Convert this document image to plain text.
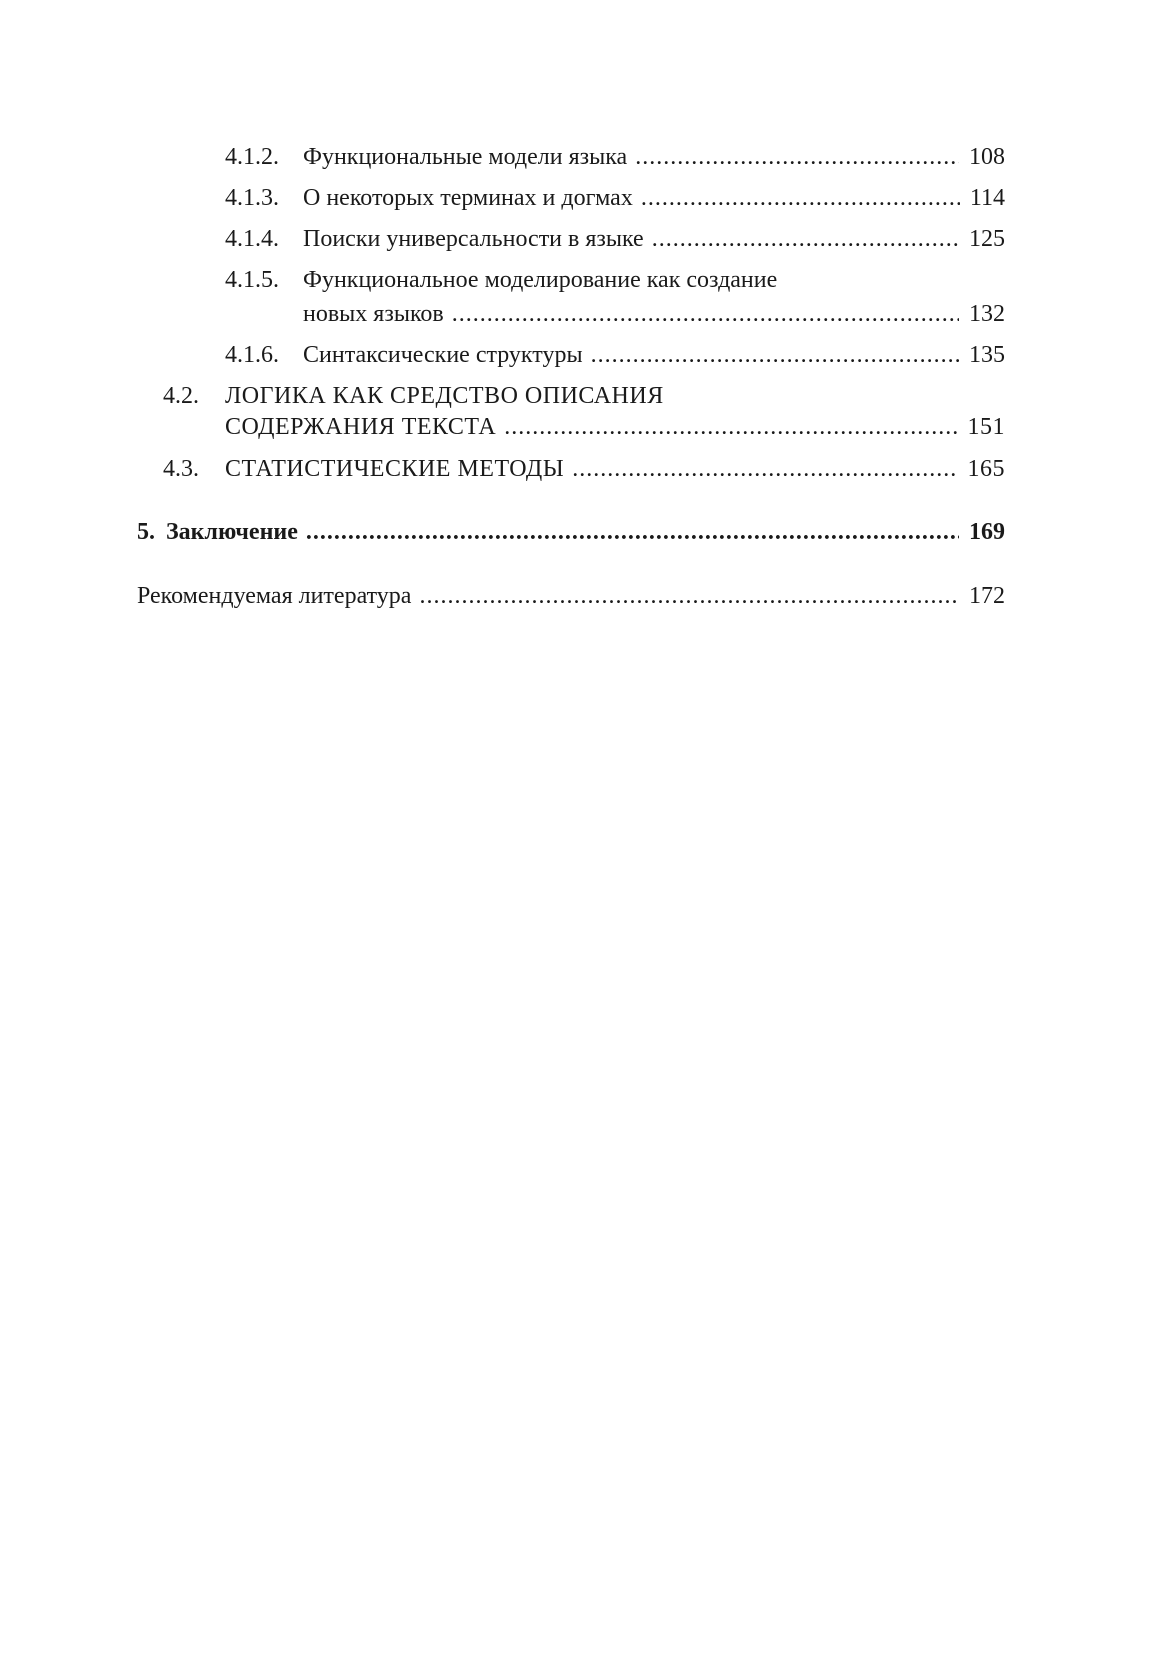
4.1.2. Функциональные модели языка .....	108
4.1.3. О некоторых терминах и догмах .....	114
4.1.4. Поиски универсальности в языке .....	125
4.1.5. Функциональное моделирование как создание
новых языков .....	132
4.1.6. Синтаксические структуры .....	135
4.2. ЛОГИКА КАК СРЕДСТВО ОПИСАНИЯ
СОДЕРЖАНИЯ ТЕКСТА .....	151
4.3. СТАТИСТИЧЕСКИЕ МЕТОДЫ .....	165
5. Заключение .....	169
Рекомендуемая литература .....	172
